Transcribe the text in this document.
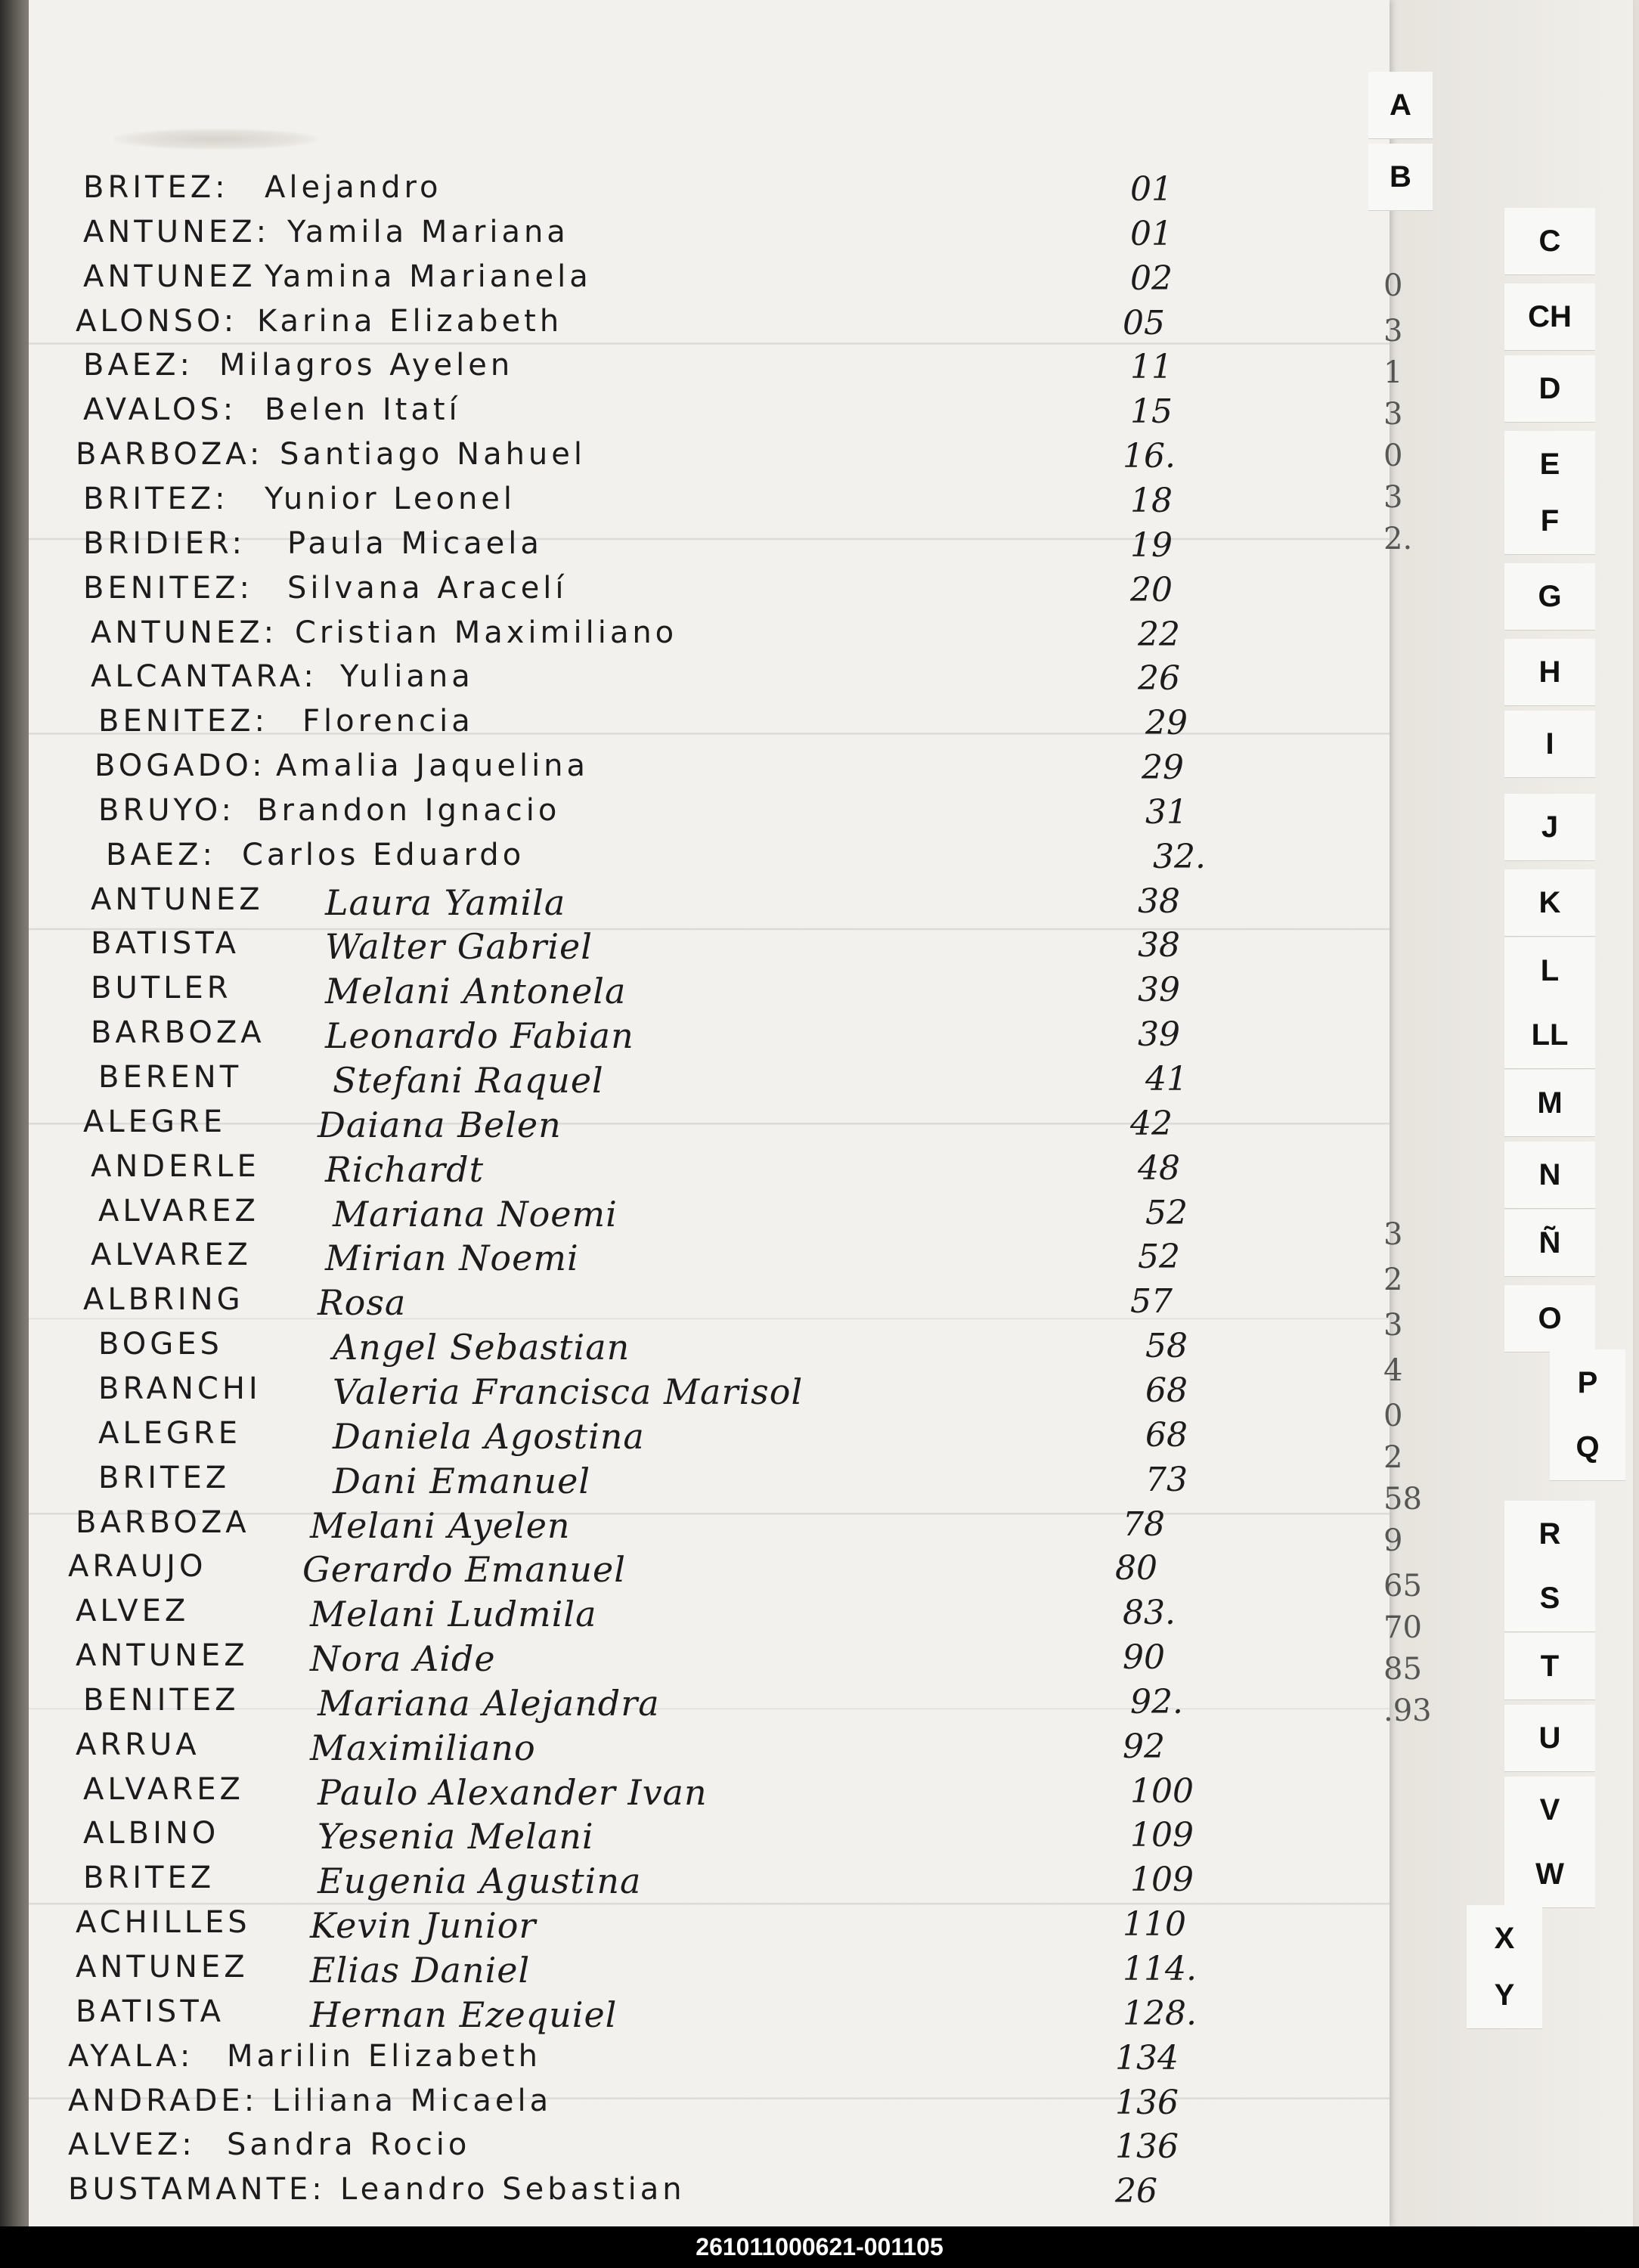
0
3
1
3
0
3
2.
3
2
3
4
0
2
58
9
65
70
85
.93
A
B
C
CH
D
E
F
G
H
I
J
K
L
LL
M
N
Ñ
O
P
Q
R
S
T
U
V
W
X
Y
BRITEZ: Alejandro	01
ANTUNEZ: Yamila Mariana	01
ANTUNEZ Yamina Marianela	02
ALONSO: Karina Elizabeth	05
BAEZ: Milagros Ayelen	11
AVALOS: Belen Itatí	15
BARBOZA: Santiago Nahuel	16.
BRITEZ: Yunior Leonel	18
BRIDIER: Paula Micaela	19
BENITEZ: Silvana Aracelí	20
ANTUNEZ: Cristian Maximiliano	22
ALCANTARA: Yuliana	26
BENITEZ: Florencia	29
BOGADO: Amalia Jaquelina	29
BRUYO: Brandon Ignacio	31
BAEZ: Carlos Eduardo	32.
ANTUNEZ Laura Yamila	38
BATISTA Walter Gabriel	38
BUTLER	Melani Antonela	39
BARBOZA Leonardo Fabian	39
BERENT	Stefani Raquel	41
ALEGRE	Daiana Belen	42
ANDERLE Richardt	48
ALVAREZ Mariana Noemi	52
ALVAREZ Mirian Noemi	52
ALBRING Rosa	57
BOGES	Angel Sebastian	58
BRANCHI Valeria Francisca Marisol	68
ALEGRE	Daniela Agostina	68
BRITEZ	Dani Emanuel	73
BARBOZA Melani Ayelen	78
ARAUJO	Gerardo Emanuel	80
ALVEZ	Melani Ludmila	83.
ANTUNEZ Nora Aide	90
BENITEZ Mariana Alejandra	92.
ARRUA	Maximiliano	92
ALVAREZ Paulo Alexander Ivan	100
ALBINO	Yesenia Melani	109
BRITEZ	Eugenia Agustina	109
ACHILLES Kevin Junior	110
ANTUNEZ Elias Daniel	114.
BATISTA Hernan Ezequiel	128.
AYALA: Marilin Elizabeth	134
ANDRADE: Liliana Micaela	136
ALVEZ: Sandra Rocio	136
BUSTAMANTE: Leandro Sebastian	26
261011000621-001105
